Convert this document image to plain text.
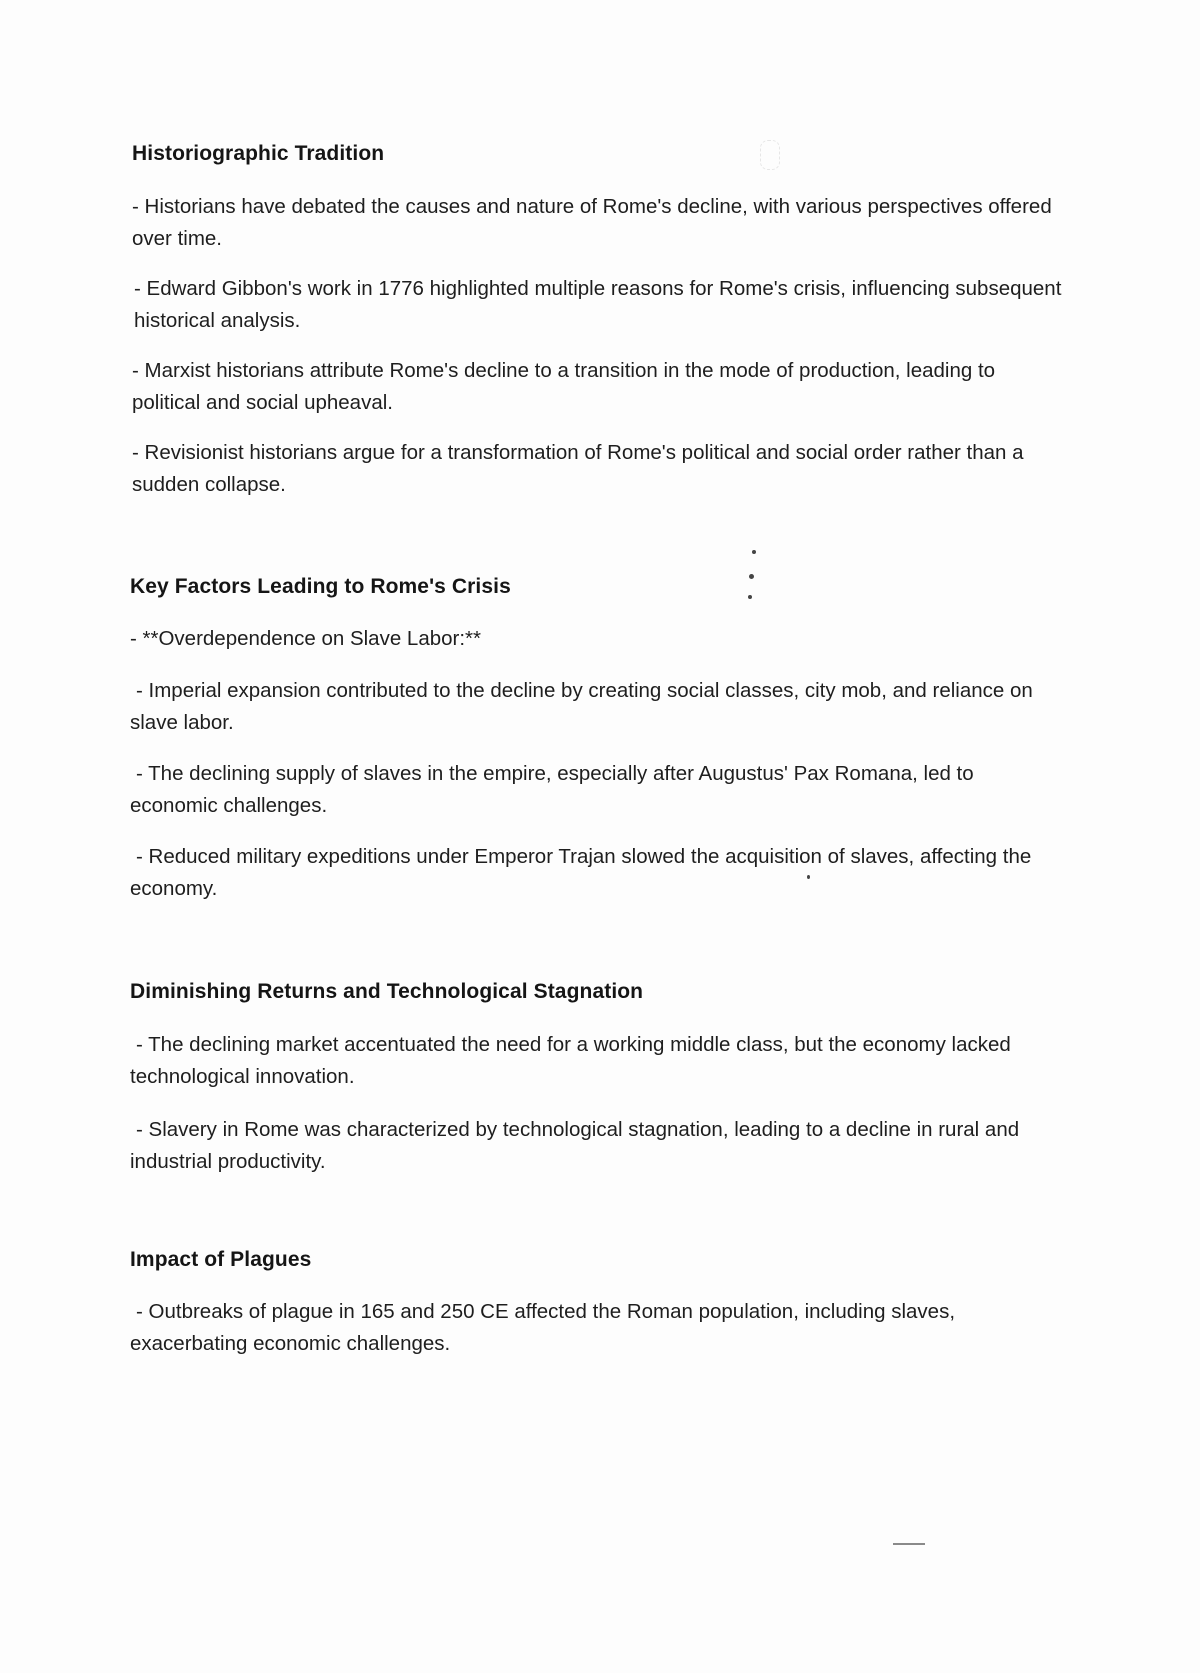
Historiographic Tradition

- Historians have debated the causes and nature of Rome's decline, with various perspectives offered over time.

- Edward Gibbon's work in 1776 highlighted multiple reasons for Rome's crisis, influencing subsequent historical analysis.

- Marxist historians attribute Rome's decline to a transition in the mode of production, leading to political and social upheaval.

- Revisionist historians argue for a transformation of Rome's political and social order rather than a sudden collapse.

Key Factors Leading to Rome's Crisis

- **Overdependence on Slave Labor:**

- Imperial expansion contributed to the decline by creating social classes, city mob, and reliance on slave labor.

- The declining supply of slaves in the empire, especially after Augustus' Pax Romana, led to economic challenges.

- Reduced military expeditions under Emperor Trajan slowed the acquisition of slaves, affecting the economy.

Diminishing Returns and Technological Stagnation

- The declining market accentuated the need for a working middle class, but the economy lacked technological innovation.

- Slavery in Rome was characterized by technological stagnation, leading to a decline in rural and industrial productivity.

Impact of Plagues

- Outbreaks of plague in 165 and 250 CE affected the Roman population, including slaves, exacerbating economic challenges.
